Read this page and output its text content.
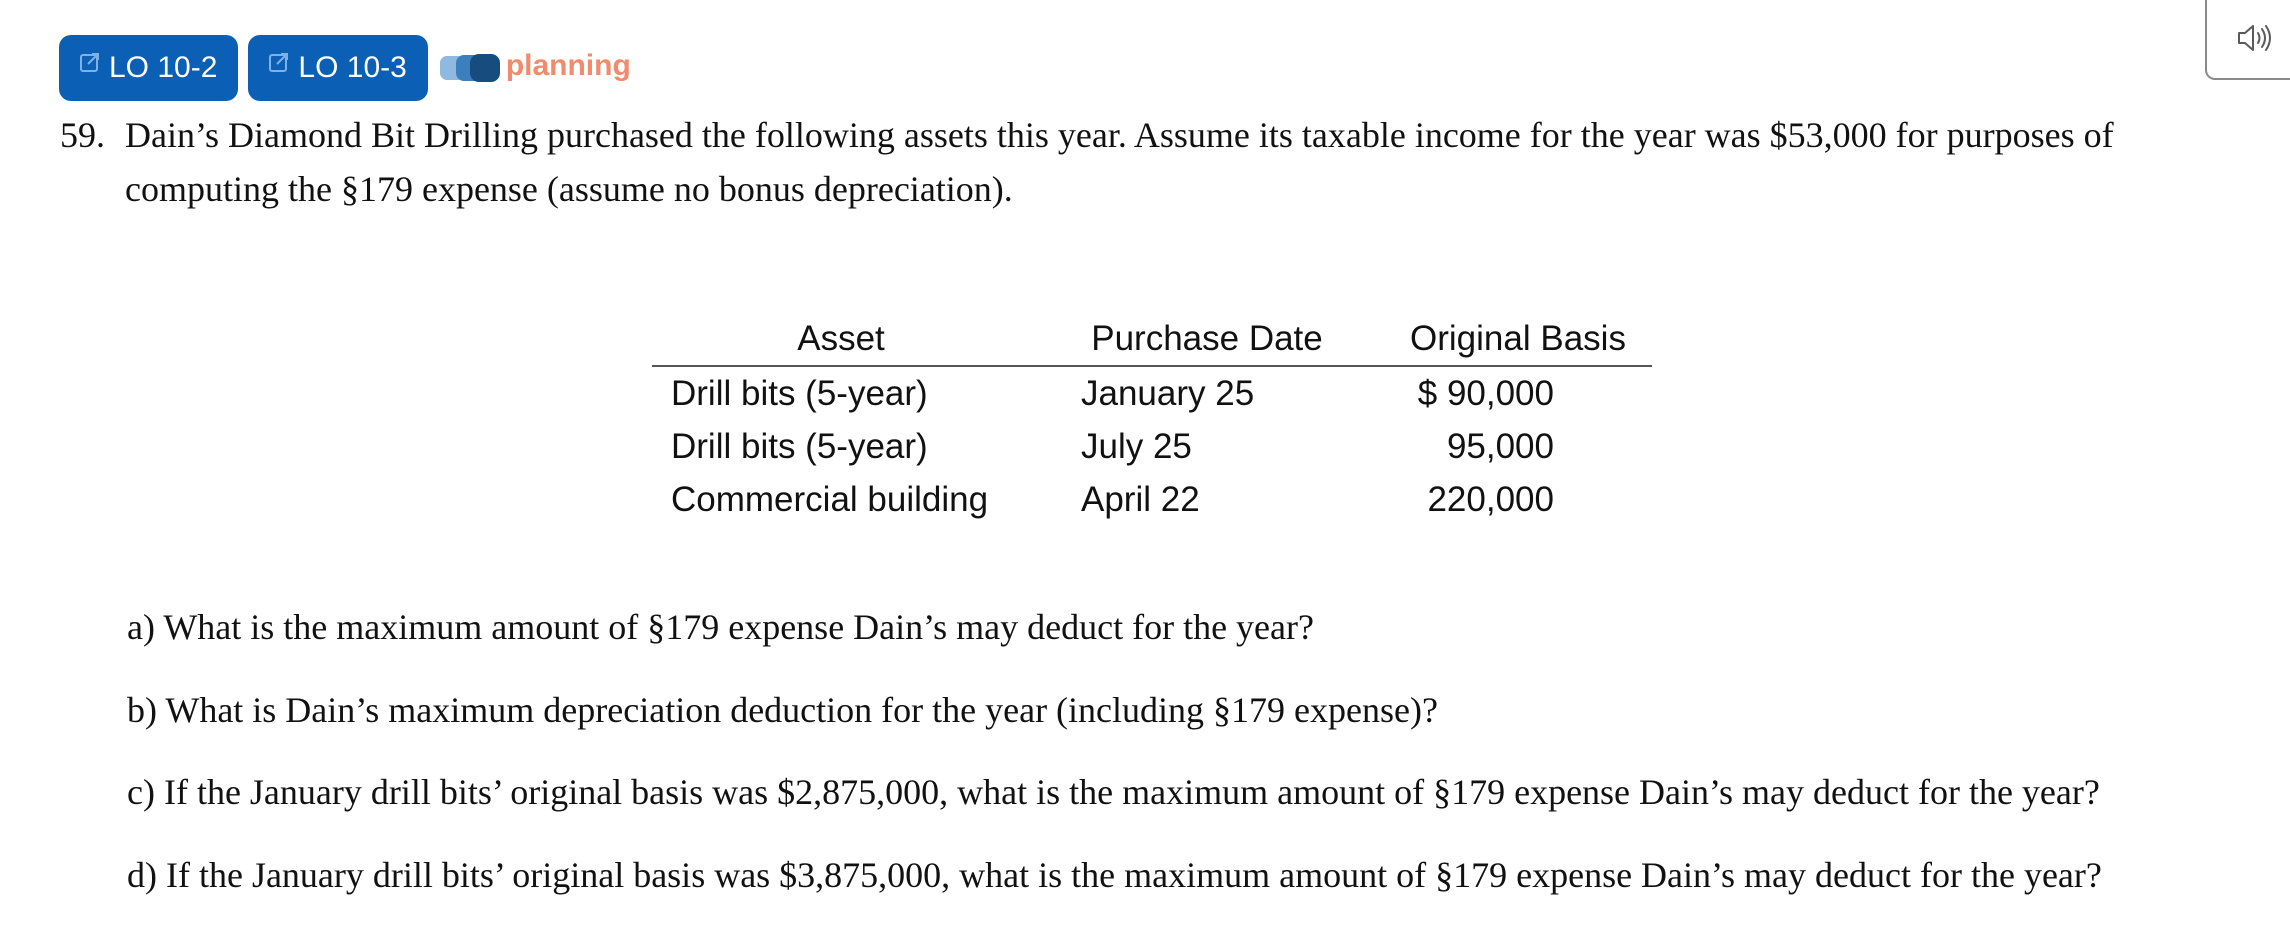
LO 10-2	LO 10-3	planning
59. Dain’s Diamond Bit Drilling purchased the following assets this year. Assume its taxable income for the year was $53,000 for purposes of computing the §179 expense (assume no bonus depreciation).
Asset	Purchase Date	Original Basis
Drill bits (5-year)	January 25	$ 90,000
Drill bits (5-year)	July 25	95,000
Commercial building	April 22	220,000
a) What is the maximum amount of §179 expense Dain’s may deduct for the year?
b) What is Dain’s maximum depreciation deduction for the year (including §179 expense)?
c) If the January drill bits’ original basis was $2,875,000, what is the maximum amount of §179 expense Dain’s may deduct for the year?
d) If the January drill bits’ original basis was $3,875,000, what is the maximum amount of §179 expense Dain’s may deduct for the year?
